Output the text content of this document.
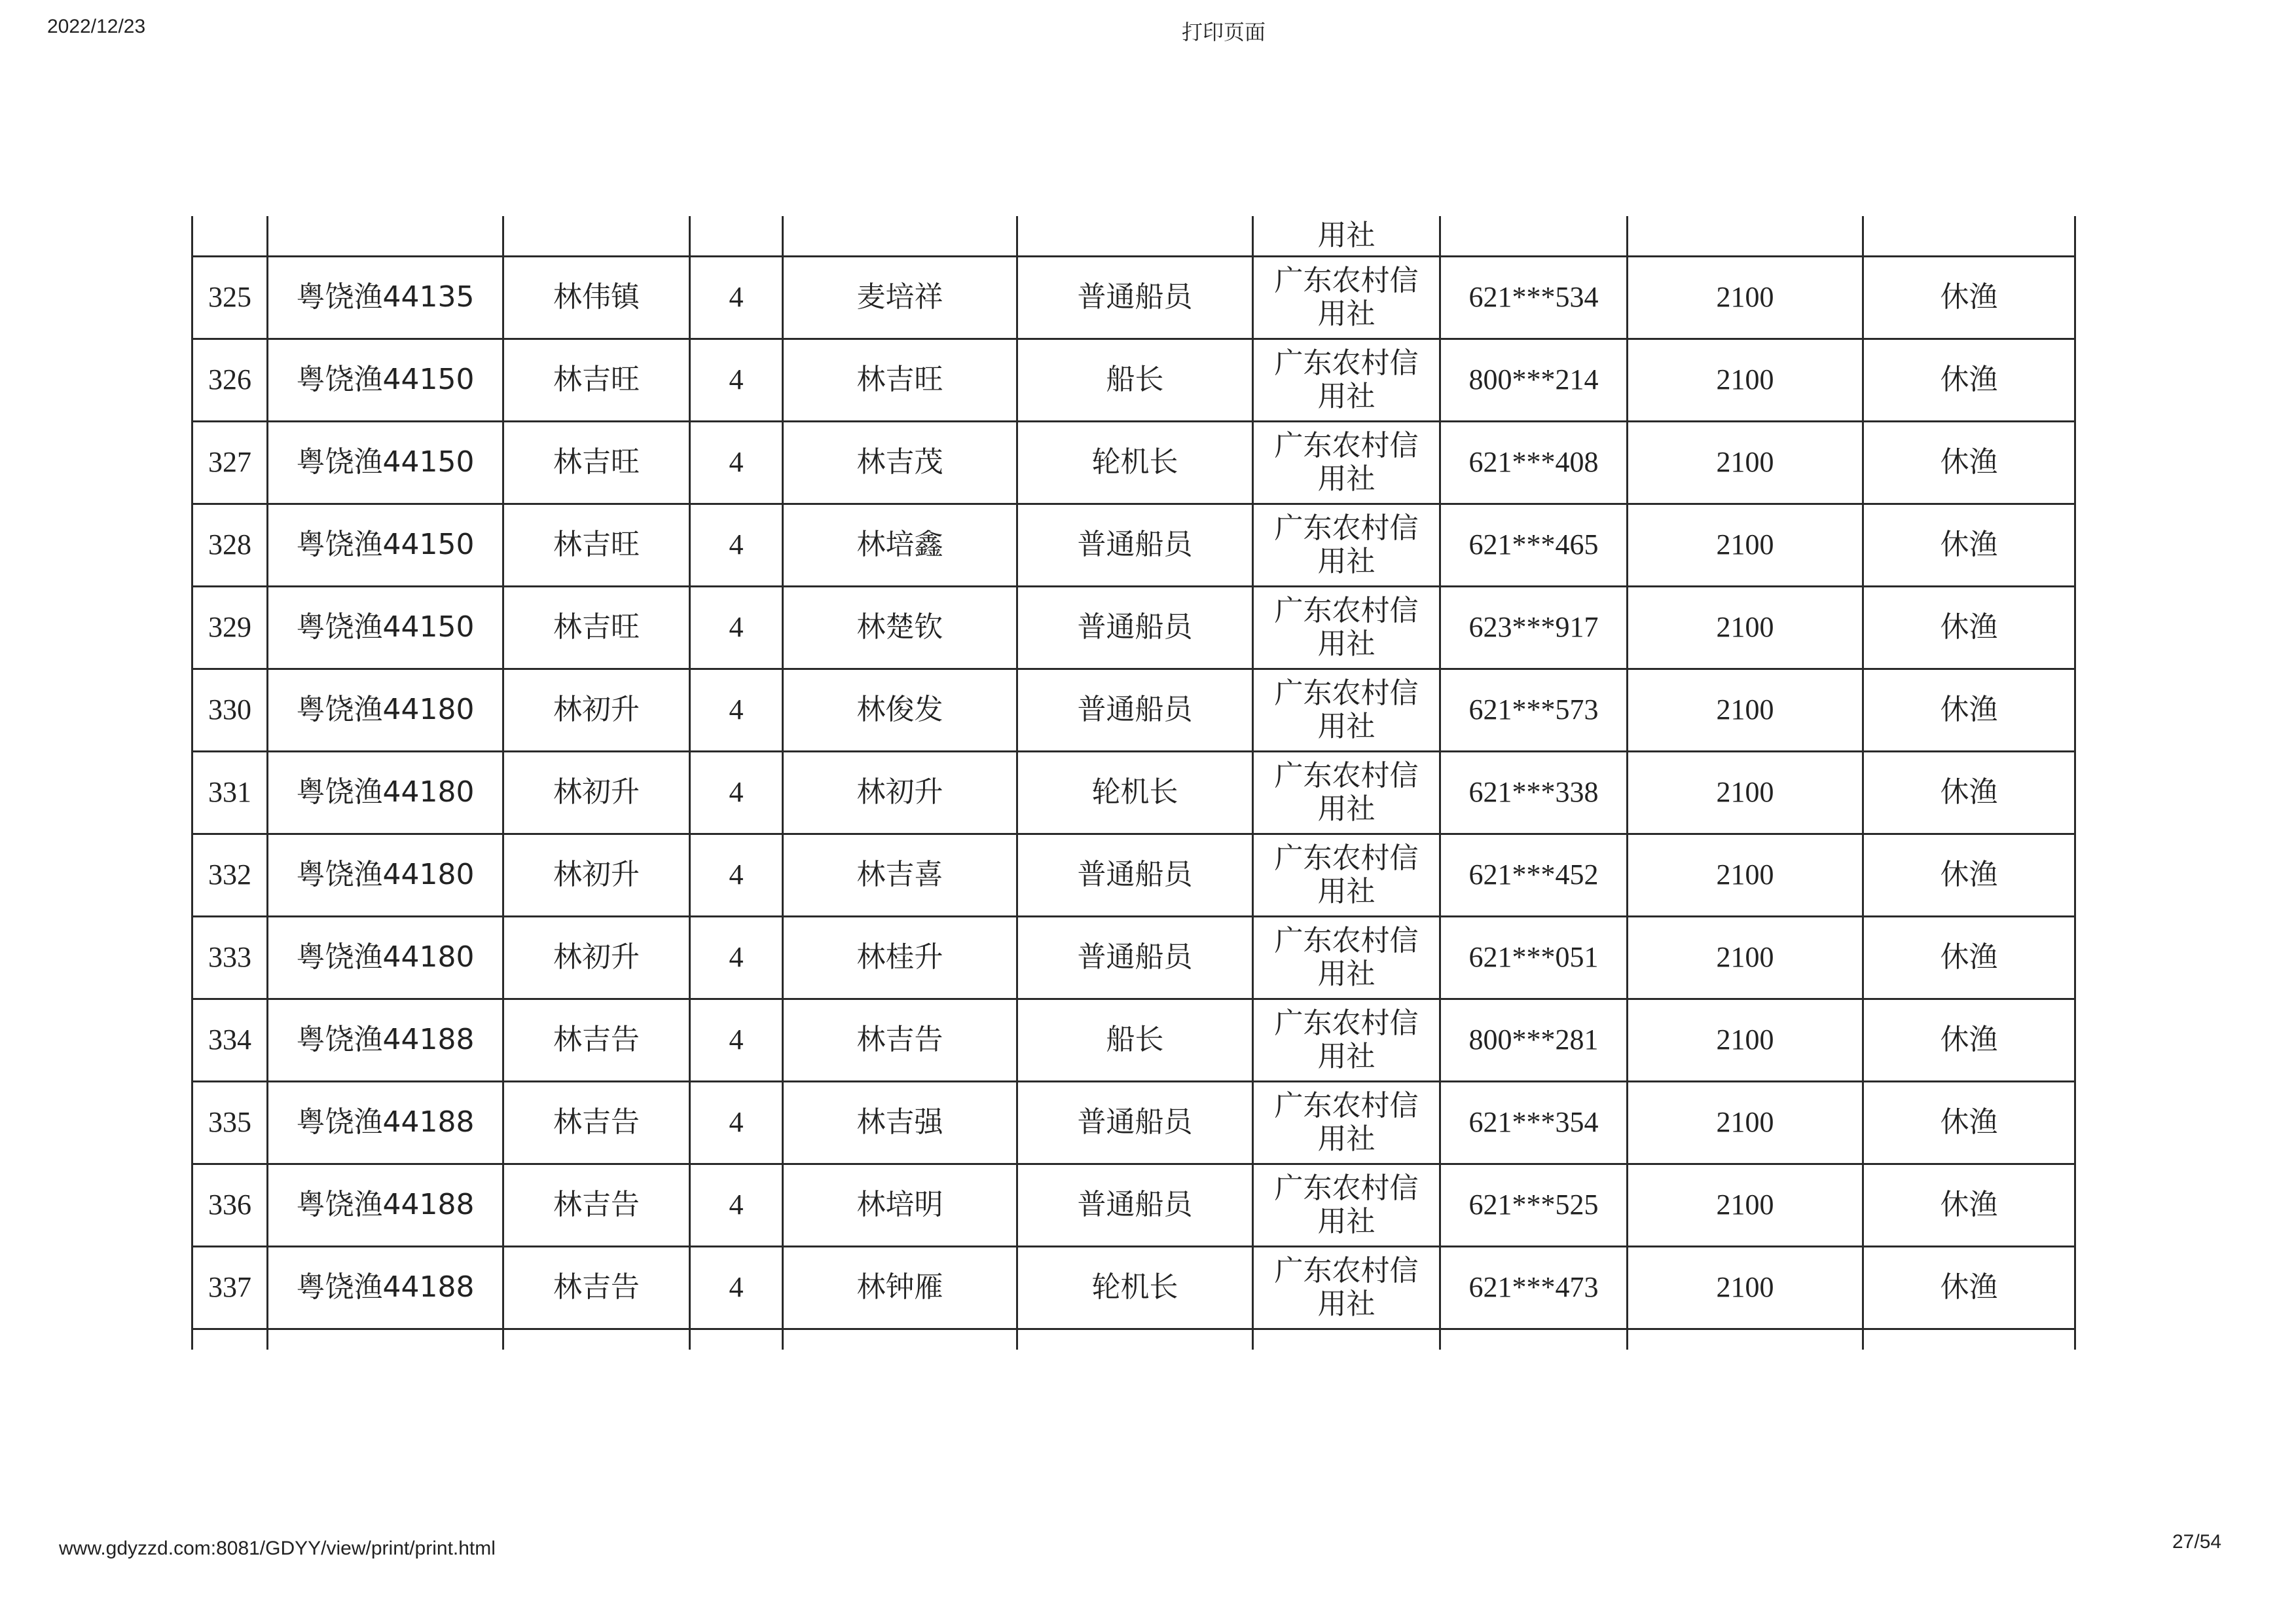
2022/12/23	打印页面
						用社			
325	粤饶渔44135	林伟镇	4	麦培祥	普通船员	广东农村信
用社	621***534	2100	休渔
326	粤饶渔44150	林吉旺	4	林吉旺	船长	广东农村信
用社	800***214	2100	休渔
327	粤饶渔44150	林吉旺	4	林吉茂	轮机长	广东农村信
用社	621***408	2100	休渔
328	粤饶渔44150	林吉旺	4	林培鑫	普通船员	广东农村信
用社	621***465	2100	休渔
329	粤饶渔44150	林吉旺	4	林楚钦	普通船员	广东农村信
用社	623***917	2100	休渔
330	粤饶渔44180	林初升	4	林俊发	普通船员	广东农村信
用社	621***573	2100	休渔
331	粤饶渔44180	林初升	4	林初升	轮机长	广东农村信
用社	621***338	2100	休渔
332	粤饶渔44180	林初升	4	林吉喜	普通船员	广东农村信
用社	621***452	2100	休渔
333	粤饶渔44180	林初升	4	林桂升	普通船员	广东农村信
用社	621***051	2100	休渔
334	粤饶渔44188	林吉告	4	林吉告	船长	广东农村信
用社	800***281	2100	休渔
335	粤饶渔44188	林吉告	4	林吉强	普通船员	广东农村信
用社	621***354	2100	休渔
336	粤饶渔44188	林吉告	4	林培明	普通船员	广东农村信
用社	621***525	2100	休渔
337	粤饶渔44188	林吉告	4	林钟雁	轮机长	广东农村信
用社	621***473	2100	休渔

www.gdyzzd.com:8081/GDYY/view/print/print.html	27/54
